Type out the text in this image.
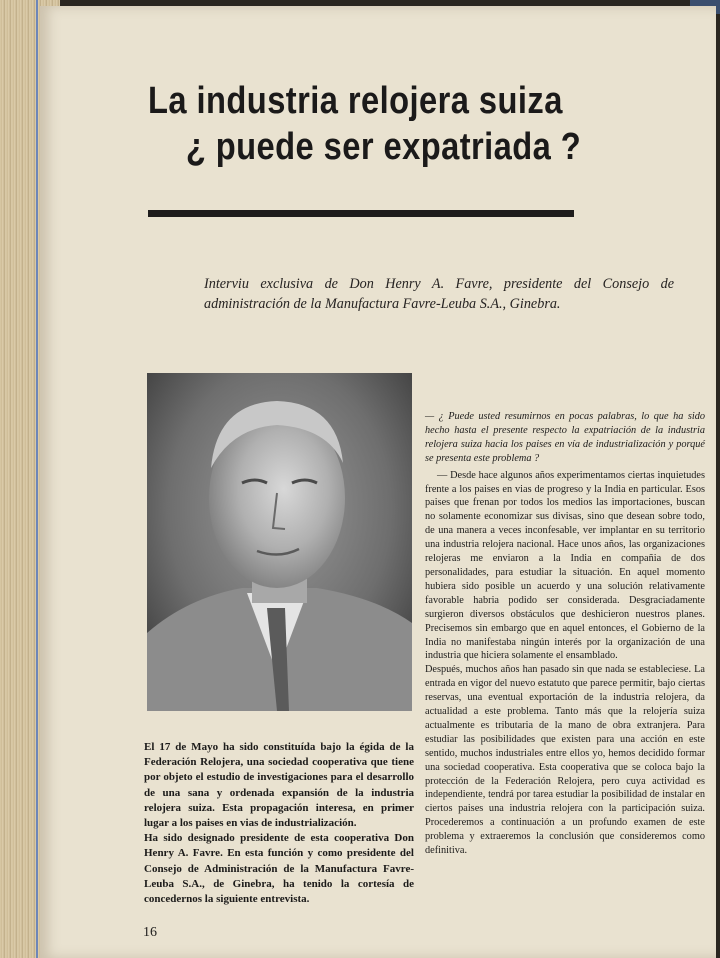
La industria relojera suiza
¿ puede ser expatriada ?
Interviu exclusiva de Don Henry A. Favre, presidente del Consejo de administración de la Manufactura Favre-Leuba S.A., Ginebra.

El 17 de Mayo ha sido constituída bajo la égida de la Federación Relojera, una sociedad cooperativa que tiene por objeto el estudio de investigaciones para el desarrollo de una sana y ordenada expansión de la industria relojera suiza. Esta propagación interesa, en primer lugar a los paises en vias de industrialización.

Ha sido designado presidente de esta cooperativa Don Henry A. Favre. En esta función y como presidente del Consejo de Administración de la Manufactura Favre-Leuba S.A., de Ginebra, ha tenido la cortesía de concedernos la siguiente entrevista.

— ¿ Puede usted resumirnos en pocas palabras, lo que ha sido hecho hasta el presente respecto la expatriación de la industria relojera suiza hacia los paises en vía de industrialización y porqué se presenta este problema ?

— Desde hace algunos años experimentamos ciertas inquietudes frente a los paises en vias de progreso y la India en particular. Esos paises que frenan por todos los medios las importaciones, buscan no solamente economizar sus divisas, sino que desean sobre todo, de una manera a veces inconfesable, ver implantar en su territorio una industria relojera nacional. Hace unos años, las organizaciones relojeras me enviaron a la India en compañia de dos personalidades, para estudiar la situación. En aquel momento hubiera sido posible un acuerdo y una solución relativamente favorable habria podido ser considerada. Desgraciadamente surgieron diversos obstáculos que deshicieron nuestros planes. Precisemos sin embargo que en aquel entonces, el Gobierno de la India no manifestaba ningún interés por la organización de una industria que hiciera solamente el ensamblado.

Después, muchos años han pasado sin que nada se estableciese. La entrada en vigor del nuevo estatuto que parece permitir, bajo ciertas reservas, una eventual exportación de la industria relojera, da actualidad a este problema. Tanto más que la relojería suiza actualmente es tributaria de la mano de obra extranjera. Para estudiar las posibilidades que existen para una acción en este sentido, muchos industriales entre ellos yo, hemos decidido formar una sociedad cooperativa. Esta cooperativa que se coloca bajo la protección de la Federación Relojera, pero cuya actividad es independiente, tendrá por tarea estudiar la posibilidad de instalar en ciertos paises una industria relojera con la participación suiza. Procederemos a continuación a un profundo examen de este problema y extraeremos la conclusión que consideremos como definitiva.

16
